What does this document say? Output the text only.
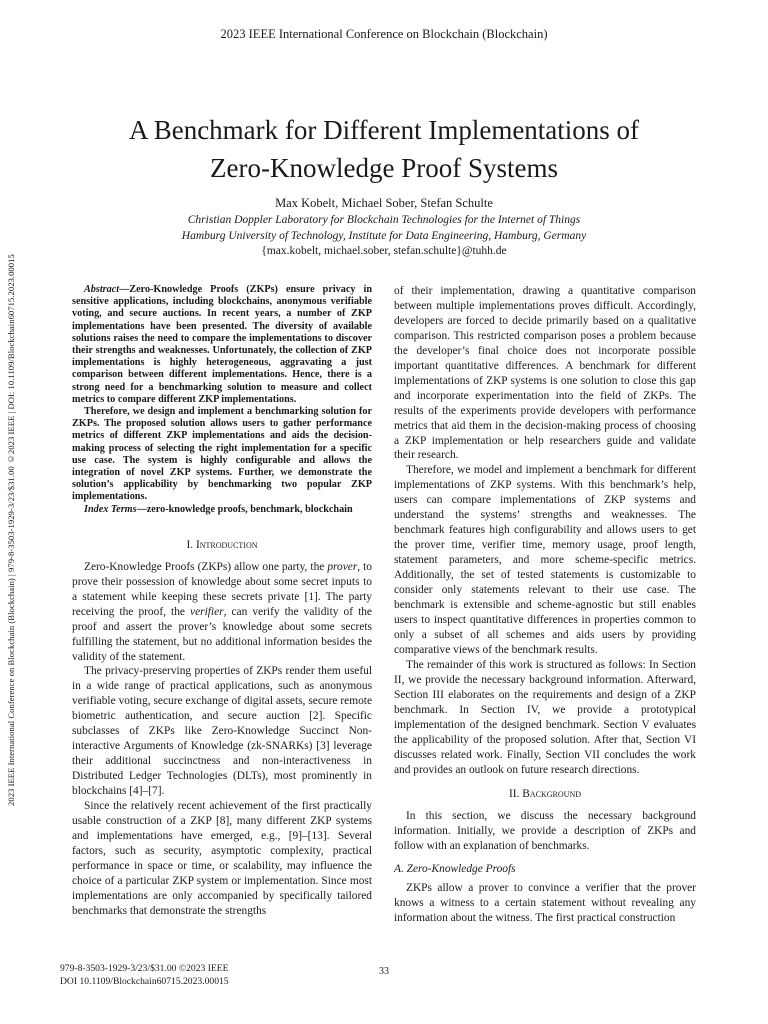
2023 IEEE International Conference on Blockchain (Blockchain)
2023 IEEE International Conference on Blockchain (Blockchain) | 979-8-3503-1929-3/23/$31.00 ©2023 IEEE | DOI: 10.1109/Blockchain60715.2023.00015
A Benchmark for Different Implementations of
Zero-Knowledge Proof Systems
Max Kobelt, Michael Sober, Stefan Schulte
Christian Doppler Laboratory for Blockchain Technologies for the Internet of Things
Hamburg University of Technology, Institute for Data Engineering, Hamburg, Germany
{max.kobelt, michael.sober, stefan.schulte}@tuhh.de

Abstract—Zero-Knowledge Proofs (ZKPs) ensure privacy in sensitive applications, including blockchains, anonymous verifiable voting, and secure auctions. In recent years, a number of ZKP implementations have been presented. The diversity of available solutions raises the need to compare the implementations to discover their strengths and weaknesses. Unfortunately, the collection of ZKP implementations is highly heterogeneous, aggravating a just comparison between different implementations. Hence, there is a strong need for a benchmarking solution to measure and collect metrics to compare different ZKP implementations.

Therefore, we design and implement a benchmarking solution for ZKPs. The proposed solution allows users to gather performance metrics of different ZKP implementations and aids the decision-making process of selecting the right implementation for a specific use case. The system is highly configurable and allows the integration of novel ZKP systems. Further, we demonstrate the solution’s applicability by benchmarking two popular ZKP implementations.

Index Terms—zero-knowledge proofs, benchmark, blockchain

I. Introduction

Zero-Knowledge Proofs (ZKPs) allow one party, the prover, to prove their possession of knowledge about some secret inputs to a statement while keeping these secrets private [1]. The party receiving the proof, the verifier, can verify the validity of the proof and assert the prover’s knowledge about some secrets fulfilling the statement, but no additional information besides the validity of the statement.

The privacy-preserving properties of ZKPs render them useful in a wide range of practical applications, such as anonymous verifiable voting, secure exchange of digital assets, secure remote biometric authentication, and secure auction [2]. Specific subclasses of ZKPs like Zero-Knowledge Succinct Non-interactive Arguments of Knowledge (zk-SNARKs) [3] leverage their additional succinctness and non-interactiveness in Distributed Ledger Technologies (DLTs), most prominently in blockchains [4]–[7].

Since the relatively recent achievement of the first practically usable construction of a ZKP [8], many different ZKP systems and implementations have emerged, e.g., [9]–[13]. Several factors, such as security, asymptotic complexity, practical performance in space or time, or scalability, may influence the choice of a particular ZKP system or implementation. Since most implementations are only accompanied by specifically tailored benchmarks that demonstrate the strengths

of their implementation, drawing a quantitative comparison between multiple implementations proves difficult. Accordingly, developers are forced to decide primarily based on a qualitative comparison. This restricted comparison poses a problem because the developer’s final choice does not incorporate possible important quantitative differences. A benchmark for different implementations of ZKP systems is one solution to close this gap and incorporate experimentation into the field of ZKPs. The results of the experiments provide developers with performance metrics that aid them in the decision-making process of choosing a ZKP implementation or help researchers guide and validate their research.

Therefore, we model and implement a benchmark for different implementations of ZKP systems. With this benchmark’s help, users can compare implementations of ZKP systems and understand the systems’ strengths and weaknesses. The benchmark features high configurability and allows users to get the prover time, verifier time, memory usage, proof length, statement parameters, and more scheme-specific metrics. Additionally, the set of tested statements is customizable to consider only statements relevant to their use case. The benchmark is extensible and scheme-agnostic but still enables users to inspect quantitative differences in properties common to only a subset of all schemes and aids users by providing comparative views of the benchmark results.

The remainder of this work is structured as follows: In Section II, we provide the necessary background information. Afterward, Section III elaborates on the requirements and design of a ZKP benchmark. In Section IV, we provide a prototypical implementation of the designed benchmark. Section V evaluates the applicability of the proposed solution. After that, Section VI discusses related work. Finally, Section VII concludes the work and provides an outlook on future research directions.

II. Background

In this section, we discuss the necessary background information. Initially, we provide a description of ZKPs and follow with an explanation of benchmarks.

A. Zero-Knowledge Proofs

ZKPs allow a prover to convince a verifier that the prover knows a witness to a certain statement without revealing any information about the witness. The first practical construction

979-8-3503-1929-3/23/$31.00 ©2023 IEEE
DOI 10.1109/Blockchain60715.2023.00015
33
